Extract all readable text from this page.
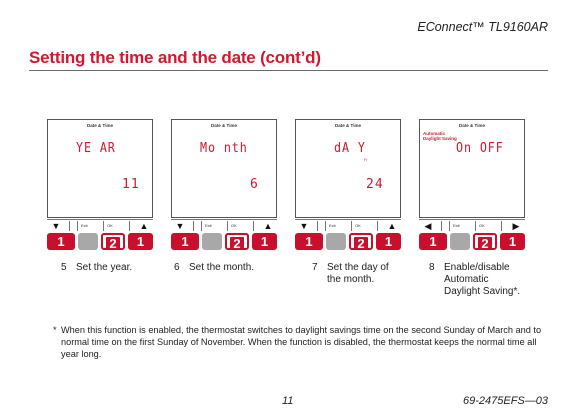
EConnect™ TL9160AR
Setting the time and the date (cont’d)
Date & Time
YE AR
11
▼	Exit	OK	▲
1	2	1
5 Set the year.
Date & Time
Mo nth
6
▼	Exit	OK	▲
1	2	1
6 Set the month.
Date & Time
dA Y
Fr
24
▼	Exit	OK	▲
1	2	1
7 Set the day of
the month.
Date & Time
Automatic
Daylight Saving
On OFF
◀	Exit	OK	▶
1	2	1
8 Enable/disable
Automatic
Daylight Saving*.
* When this function is enabled, the thermostat switches to daylight savings time on the second Sunday of March and to normal time on the first Sunday of November. When the function is disabled, the thermostat keeps the normal time all year long.
11	69-2475EFS—03
